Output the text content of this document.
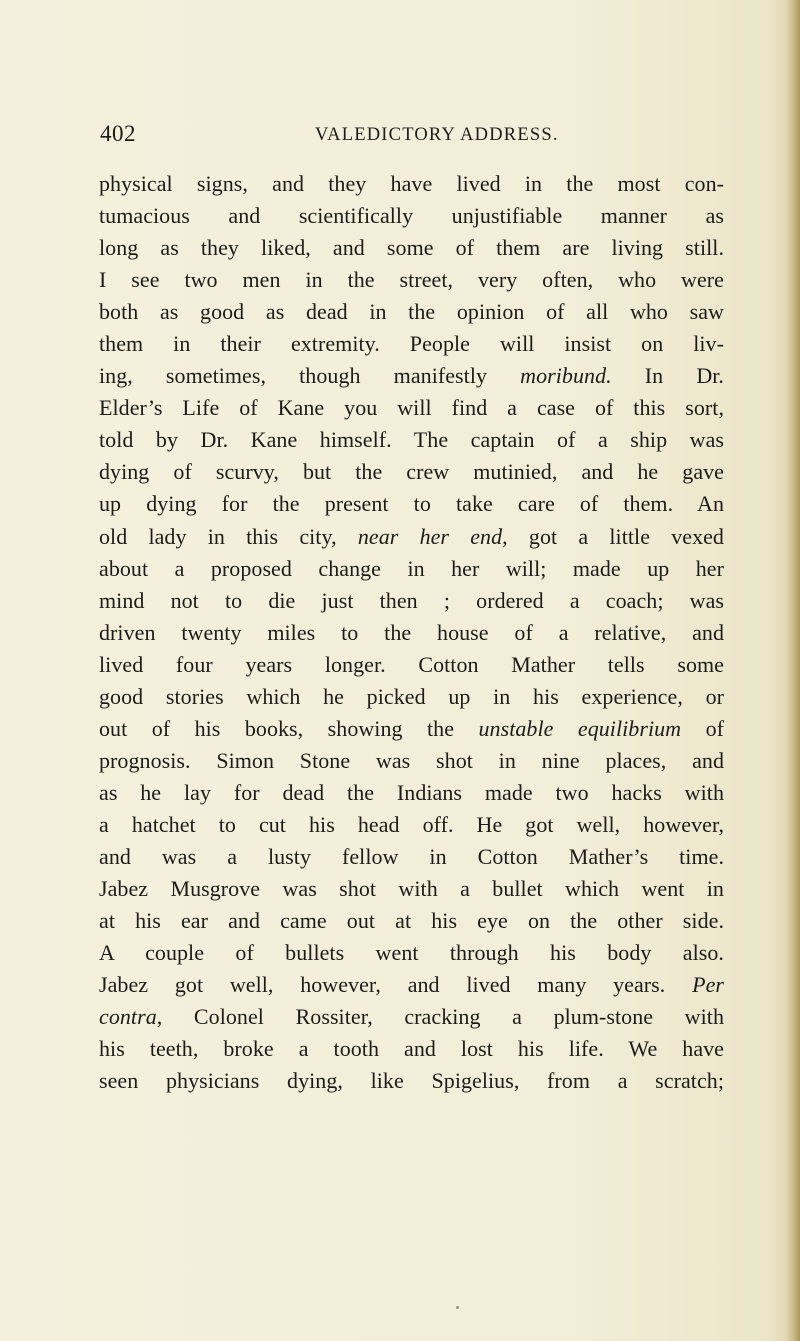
402	VALEDICTORY ADDRESS.
physical signs, and they have lived in the most con-
tumacious and scientifically unjustifiable manner as
long as they liked, and some of them are living still.
I see two men in the street, very often, who were
both as good as dead in the opinion of all who saw
them in their extremity. People will insist on liv-
ing, sometimes, though manifestly moribund. In Dr.
Elder’s Life of Kane you will find a case of this sort,
told by Dr. Kane himself. The captain of a ship was
dying of scurvy, but the crew mutinied, and he gave
up dying for the present to take care of them. An
old lady in this city, near her end, got a little vexed
about a proposed change in her will; made up her
mind not to die just then ; ordered a coach; was
driven twenty miles to the house of a relative, and
lived four years longer. Cotton Mather tells some
good stories which he picked up in his experience, or
out of his books, showing the unstable equilibrium of
prognosis. Simon Stone was shot in nine places, and
as he lay for dead the Indians made two hacks with
a hatchet to cut his head off. He got well, however,
and was a lusty fellow in Cotton Mather’s time.
Jabez Musgrove was shot with a bullet which went in
at his ear and came out at his eye on the other side.
A couple of bullets went through his body also.
Jabez got well, however, and lived many years. Per
contra, Colonel Rossiter, cracking a plum-stone with
his teeth, broke a tooth and lost his life. We have
seen physicians dying, like Spigelius, from a scratch;
